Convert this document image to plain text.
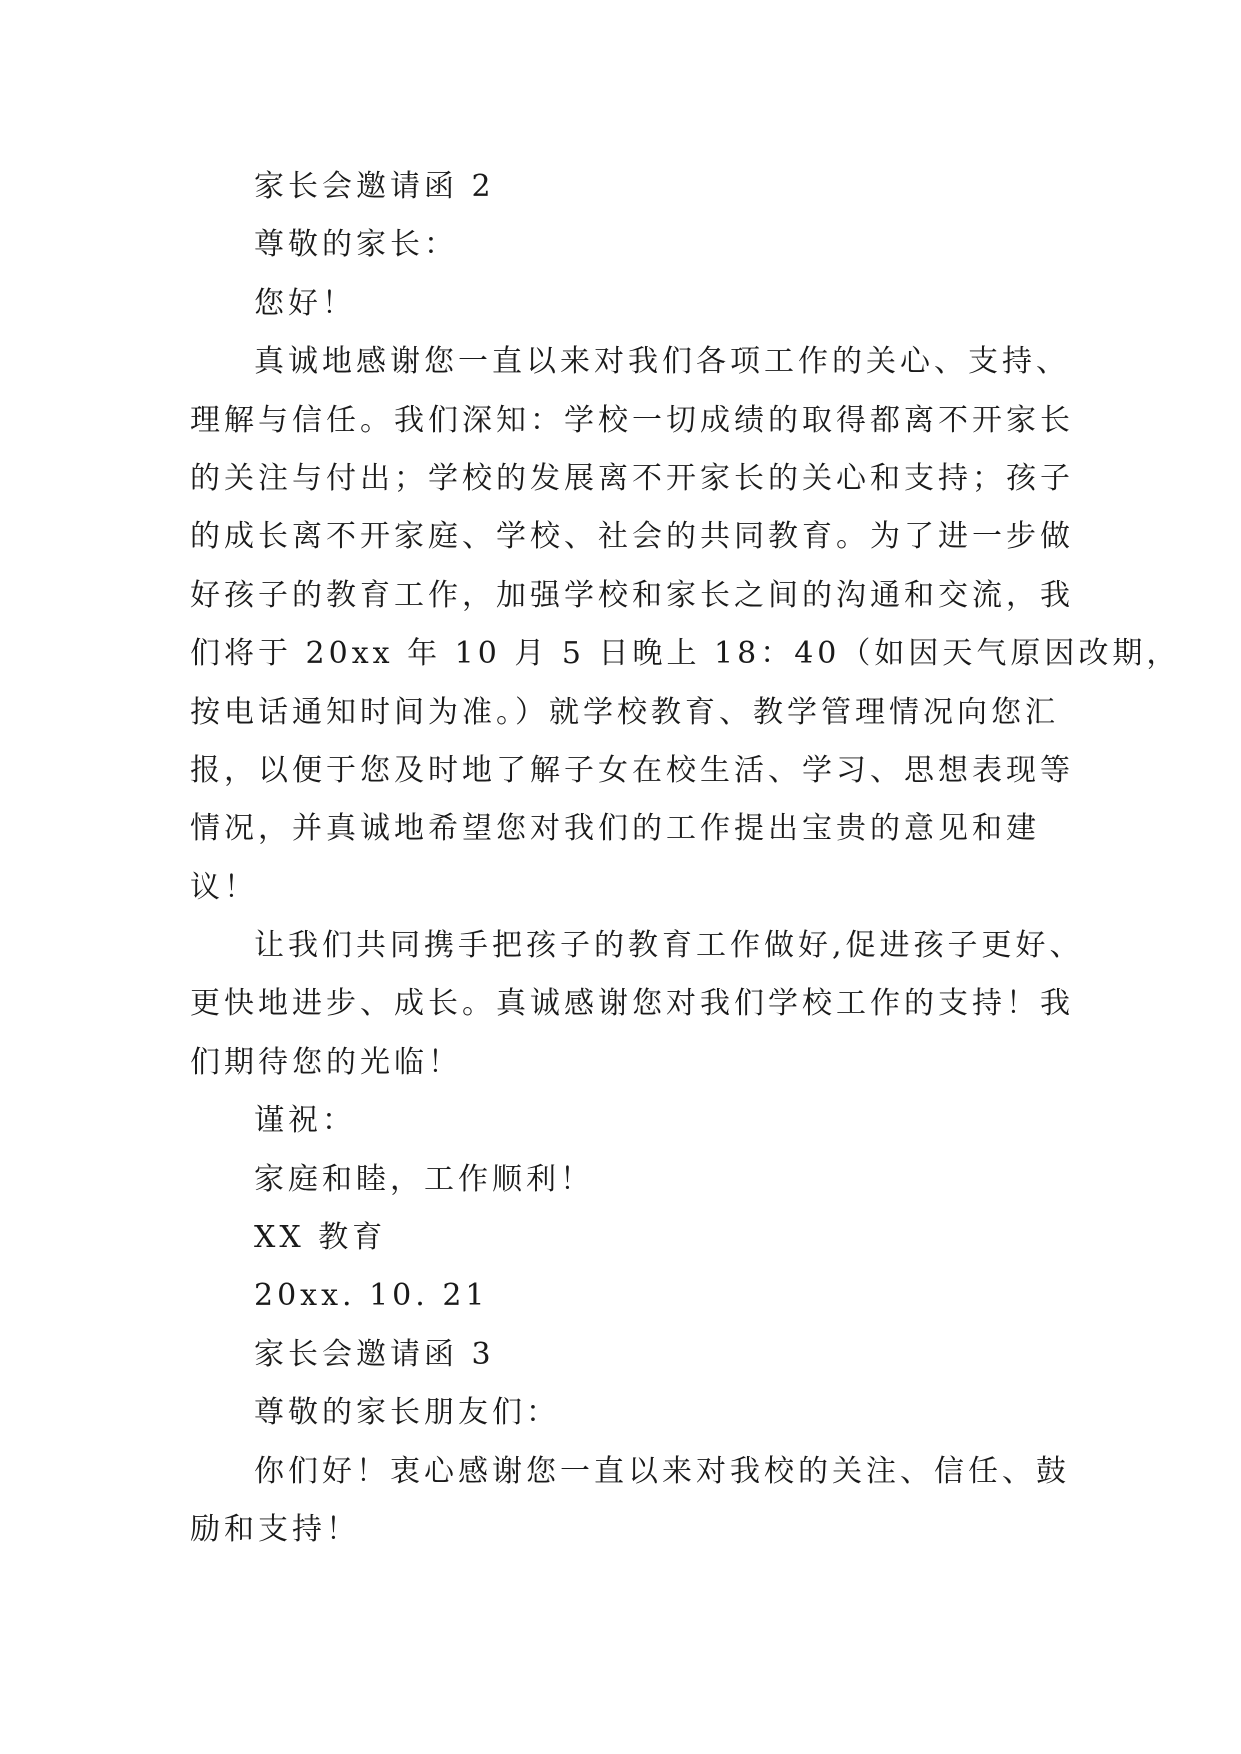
家长会邀请函 2
尊敬的家长：
您好！
真诚地感谢您一直以来对我们各项工作的关心、支持、
理解与信任。我们深知：学校一切成绩的取得都离不开家长
的关注与付出；学校的发展离不开家长的关心和支持；孩子
的成长离不开家庭、学校、社会的共同教育。为了进一步做
好孩子的教育工作，加强学校和家长之间的沟通和交流，我
们将于 20xx 年 10 月 5 日晚上 18：40（如因天气原因改期，
按电话通知时间为准。）就学校教育、教学管理情况向您汇
报，以便于您及时地了解子女在校生活、学习、思想表现等
情况，并真诚地希望您对我们的工作提出宝贵的意见和建
议！
让我们共同携手把孩子的教育工作做好,促进孩子更好、
更快地进步、成长。真诚感谢您对我们学校工作的支持！我
们期待您的光临！
谨祝：
家庭和睦，工作顺利！
XX 教育
20xx. 10. 21
家长会邀请函 3
尊敬的家长朋友们：
你们好！衷心感谢您一直以来对我校的关注、信任、鼓
励和支持！
